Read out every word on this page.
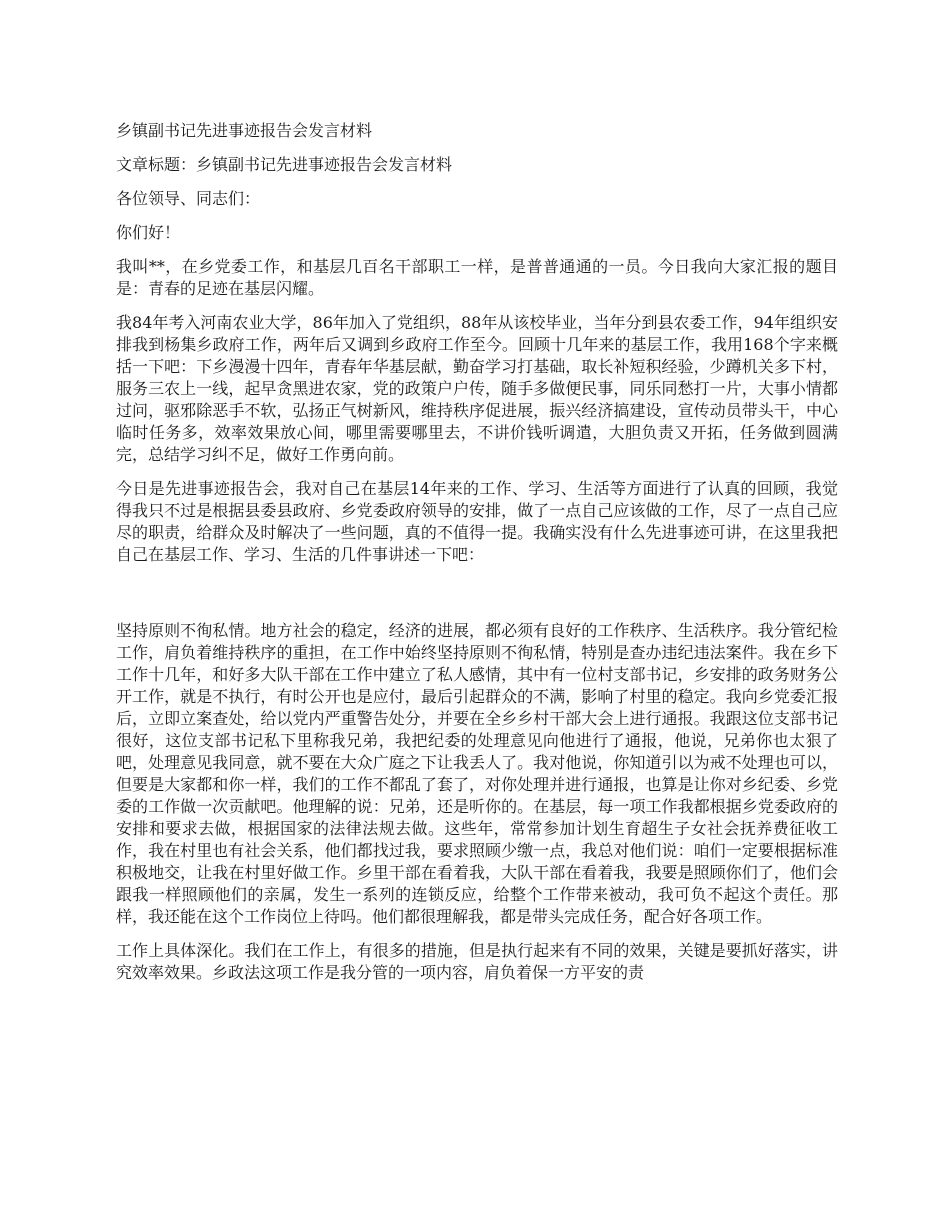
乡镇副书记先进事迹报告会发言材料

文章标题：乡镇副书记先进事迹报告会发言材料

各位领导、同志们：

你们好！

我叫**，在乡党委工作，和基层几百名干部职工一样，是普普通通的一员。今日我向大家汇报的题目是：青春的足迹在基层闪耀。

我84年考入河南农业大学，86年加入了党组织，88年从该校毕业，当年分到县农委工作，94年组织安排我到杨集乡政府工作，两年后又调到乡政府工作至今。回顾十几年来的基层工作，我用168个字来概括一下吧：下乡漫漫十四年，青春年华基层献，勤奋学习打基础，取长补短积经验，少蹲机关多下村，服务三农上一线，起早贪黑进农家，党的政策户户传，随手多做便民事，同乐同愁打一片，大事小情都过问，驱邪除恶手不软，弘扬正气树新风，维持秩序促进展，振兴经济搞建设，宣传动员带头干，中心临时任务多，效率效果放心间，哪里需要哪里去，不讲价钱听调遣，大胆负责又开拓，任务做到圆满完，总结学习纠不足，做好工作勇向前。

今日是先进事迹报告会，我对自己在基层14年来的工作、学习、生活等方面进行了认真的回顾，我觉得我只不过是根据县委县政府、乡党委政府领导的安排，做了一点自己应该做的工作，尽了一点自己应尽的职责，给群众及时解决了一些问题，真的不值得一提。我确实没有什么先进事迹可讲，在这里我把自己在基层工作、学习、生活的几件事讲述一下吧：

坚持原则不徇私情。地方社会的稳定，经济的进展，都必须有良好的工作秩序、生活秩序。我分管纪检工作，肩负着维持秩序的重担，在工作中始终坚持原则不徇私情，特别是查办违纪违法案件。我在乡下工作十几年，和好多大队干部在工作中建立了私人感情，其中有一位村支部书记，乡安排的政务财务公开工作，就是不执行，有时公开也是应付，最后引起群众的不满，影响了村里的稳定。我向乡党委汇报后，立即立案查处，给以党内严重警告处分，并要在全乡乡村干部大会上进行通报。我跟这位支部书记很好，这位支部书记私下里称我兄弟，我把纪委的处理意见向他进行了通报，他说，兄弟你也太狠了吧，处理意见我同意，就不要在大众广庭之下让我丢人了。我对他说，你知道引以为戒不处理也可以，但要是大家都和你一样，我们的工作不都乱了套了，对你处理并进行通报，也算是让你对乡纪委、乡党委的工作做一次贡献吧。他理解的说：兄弟，还是听你的。在基层，每一项工作我都根据乡党委政府的安排和要求去做，根据国家的法律法规去做。这些年，常常参加计划生育超生子女社会抚养费征收工作，我在村里也有社会关系，他们都找过我，要求照顾少缴一点，我总对他们说：咱们一定要根据标准积极地交，让我在村里好做工作。乡里干部在看着我，大队干部在看着我，我要是照顾你们了，他们会跟我一样照顾他们的亲属，发生一系列的连锁反应，给整个工作带来被动，我可负不起这个责任。那样，我还能在这个工作岗位上待吗。他们都很理解我，都是带头完成任务，配合好各项工作。

工作上具体深化。我们在工作上，有很多的措施，但是执行起来有不同的效果，关键是要抓好落实，讲究效率效果。乡政法这项工作是我分管的一项内容，肩负着保一方平安的责
